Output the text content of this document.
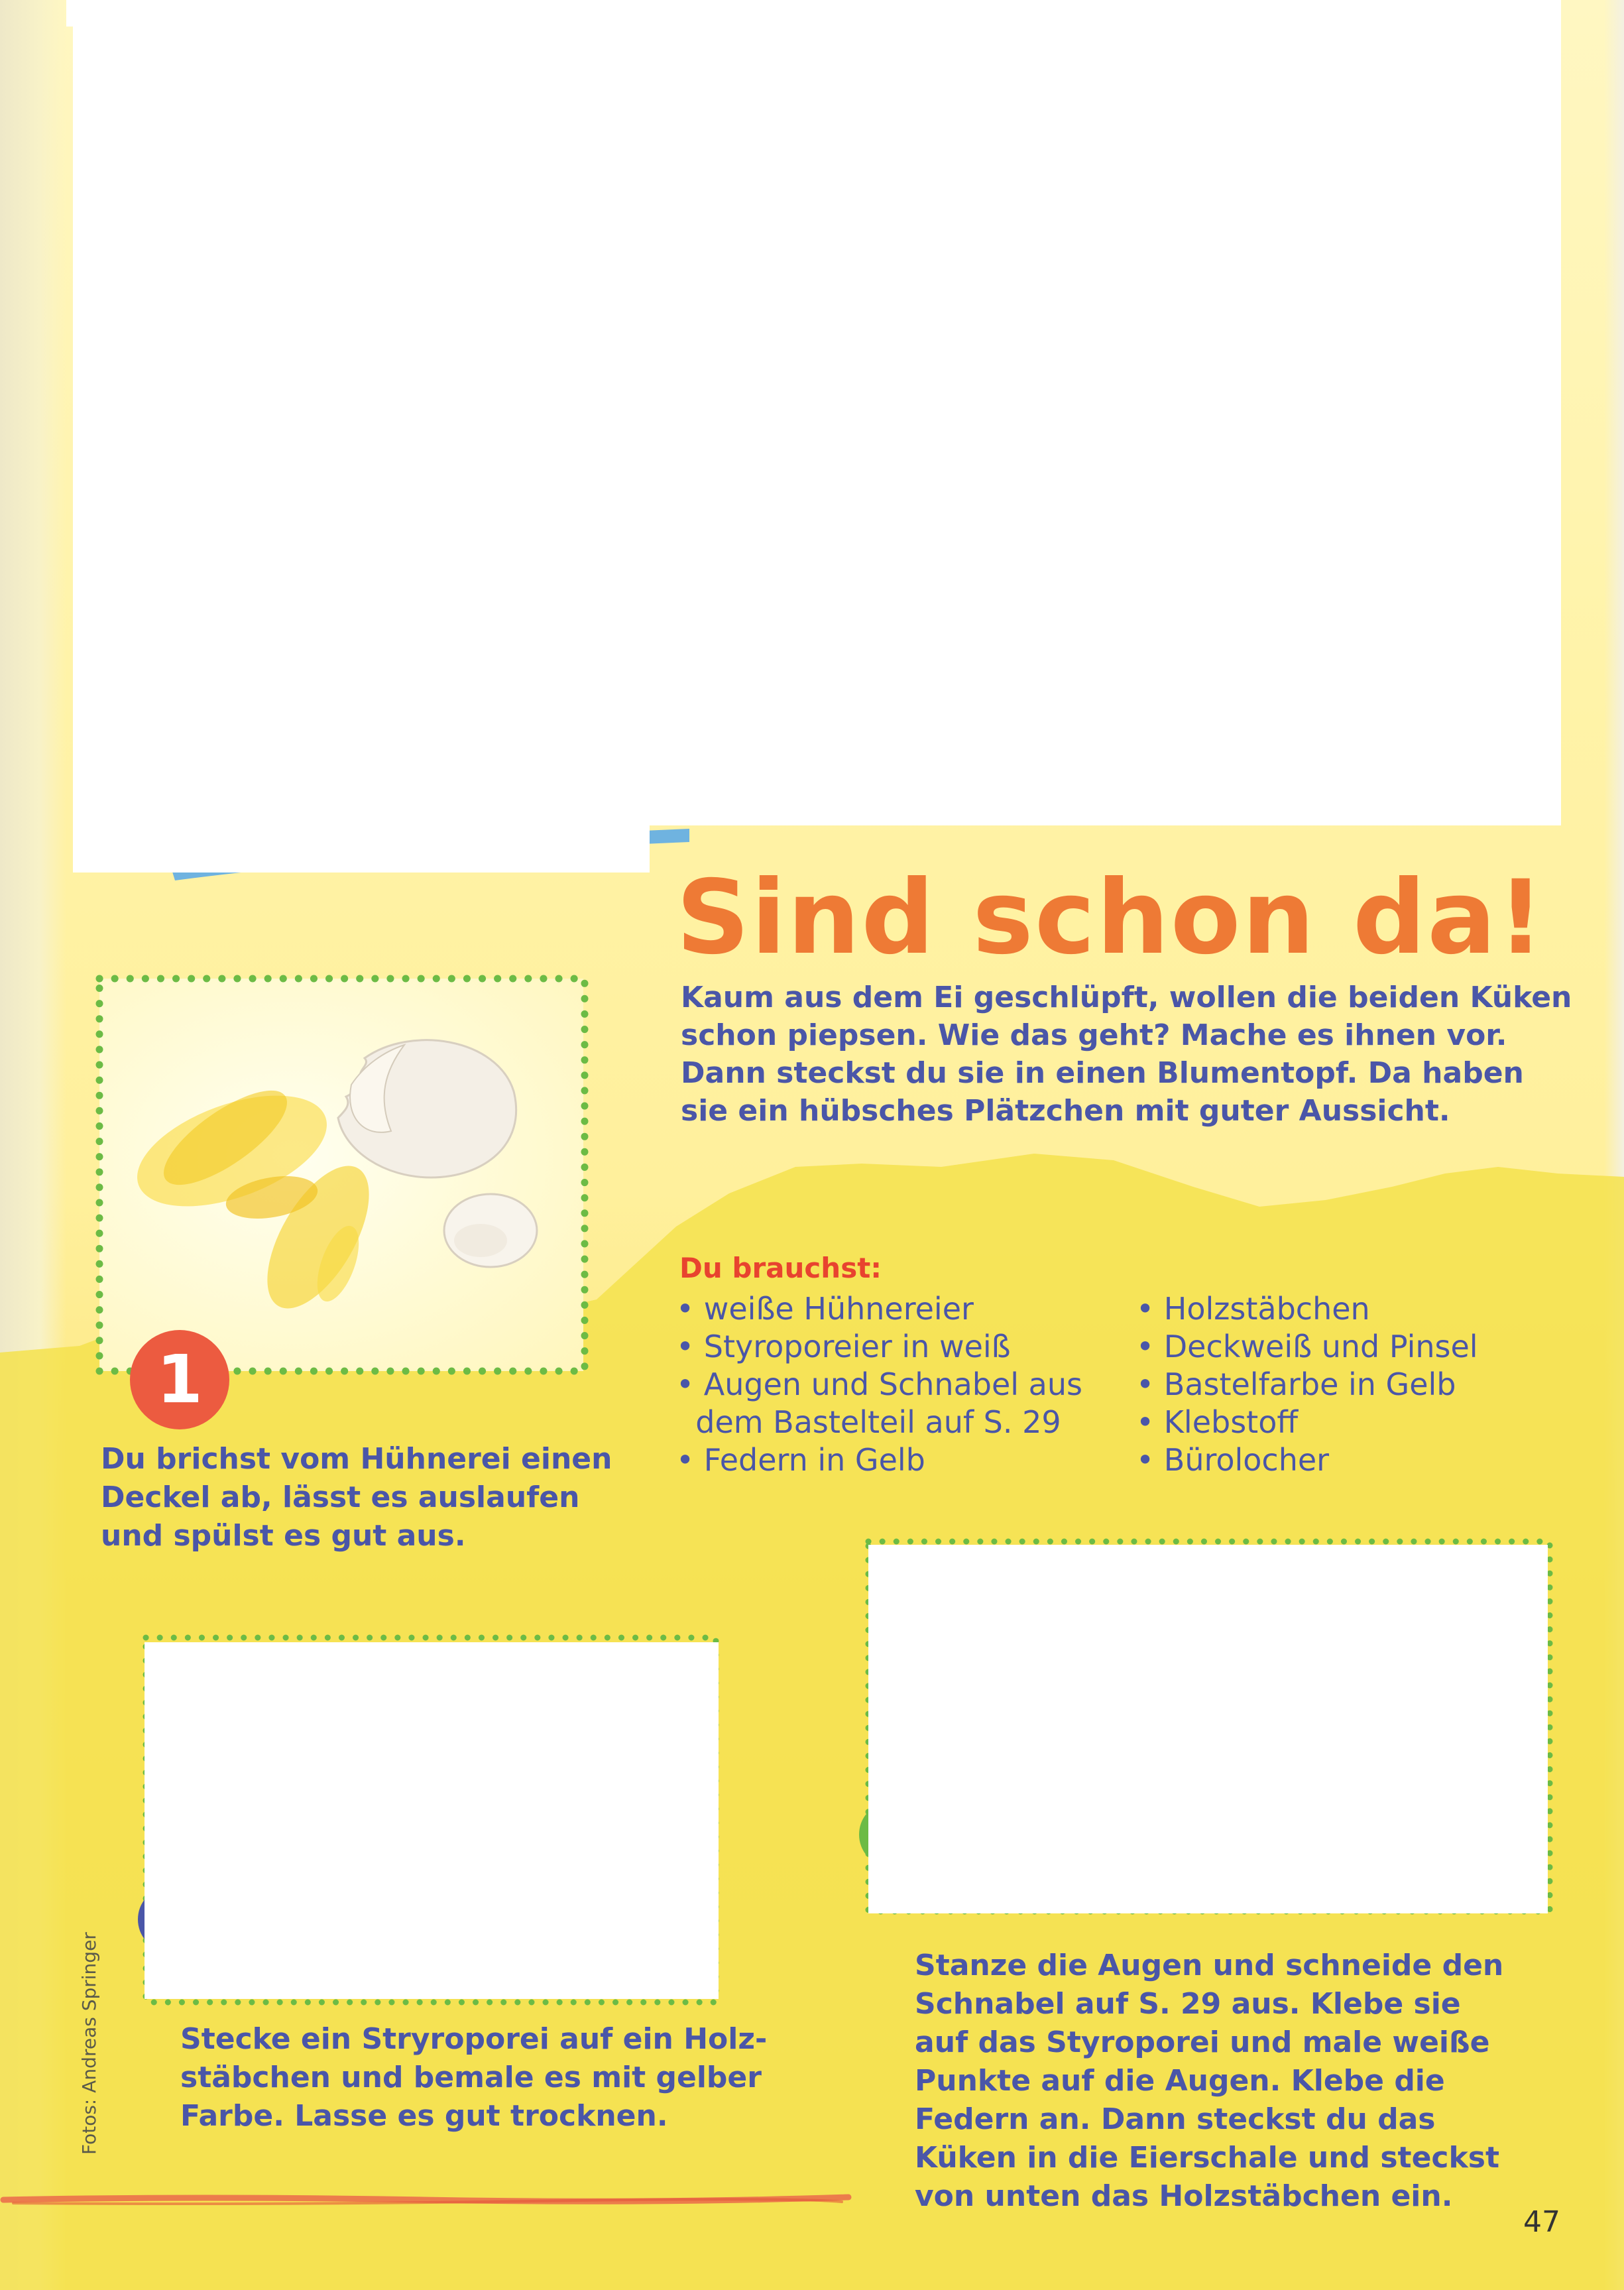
Sind schon da!
Kaum aus dem Ei geschlüpft, wollen die beiden Küken
schon piepsen. Wie das geht? Mache es ihnen vor.
Dann steckst du sie in einen Blumentopf. Da haben
sie ein hübsches Plätzchen mit guter Aussicht.
1
Du brichst vom Hühnerei einen
Deckel ab, lässt es auslaufen
und spülst es gut aus.
Du brauchst:
• weiße Hühnereier
• Styroporeier in weiß
• Augen und Schnabel aus
dem Bastelteil auf S. 29
• Federn in Gelb
• Holzstäbchen
• Deckweiß und Pinsel
• Bastelfarbe in Gelb
• Klebstoff
• Bürolocher
Stecke ein Stryroporei auf ein Holz-
stäbchen und bemale es mit gelber
Farbe. Lasse es gut trocknen.
Stanze die Augen und schneide den
Schnabel auf S. 29 aus. Klebe sie
auf das Styroporei und male weiße
Punkte auf die Augen. Klebe die
Federn an. Dann steckst du das
Küken in die Eierschale und steckst
von unten das Holzstäbchen ein.
Fotos: Andreas Springer
47
